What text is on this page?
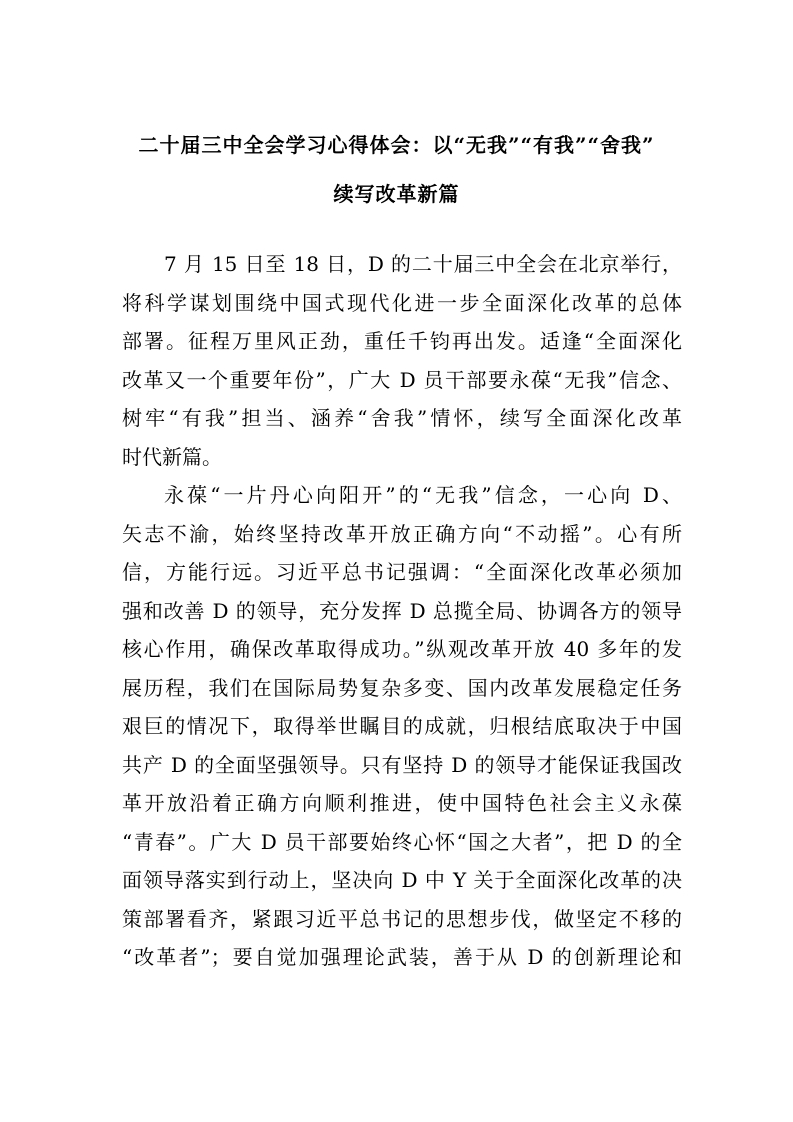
二十届三中全会学习心得体会：以“无我”“有我”“舍我”
续写改革新篇
7 月 15 日至 18 日，D 的二十届三中全会在北京举行，
将科学谋划围绕中国式现代化进一步全面深化改革的总体
部署。征程万里风正劲，重任千钧再出发。适逢“全面深化
改革又一个重要年份”，广大 D 员干部要永葆“无我”信念、
树牢“有我”担当、涵养“舍我”情怀，续写全面深化改革
时代新篇。
永葆“一片丹心向阳开”的“无我”信念，一心向 D、
矢志不渝，始终坚持改革开放正确方向“不动摇”。心有所
信，方能行远。习近平总书记强调：“全面深化改革必须加
强和改善 D 的领导，充分发挥 D 总揽全局、协调各方的领导
核心作用，确保改革取得成功。”纵观改革开放 40 多年的发
展历程，我们在国际局势复杂多变、国内改革发展稳定任务
艰巨的情况下，取得举世瞩目的成就，归根结底取决于中国
共产 D 的全面坚强领导。只有坚持 D 的领导才能保证我国改
革开放沿着正确方向顺利推进，使中国特色社会主义永葆
“青春”。广大 D 员干部要始终心怀“国之大者”，把 D 的全
面领导落实到行动上，坚决向 D 中 Y 关于全面深化改革的决
策部署看齐，紧跟习近平总书记的思想步伐，做坚定不移的
“改革者”；要自觉加强理论武装，善于从 D 的创新理论和
